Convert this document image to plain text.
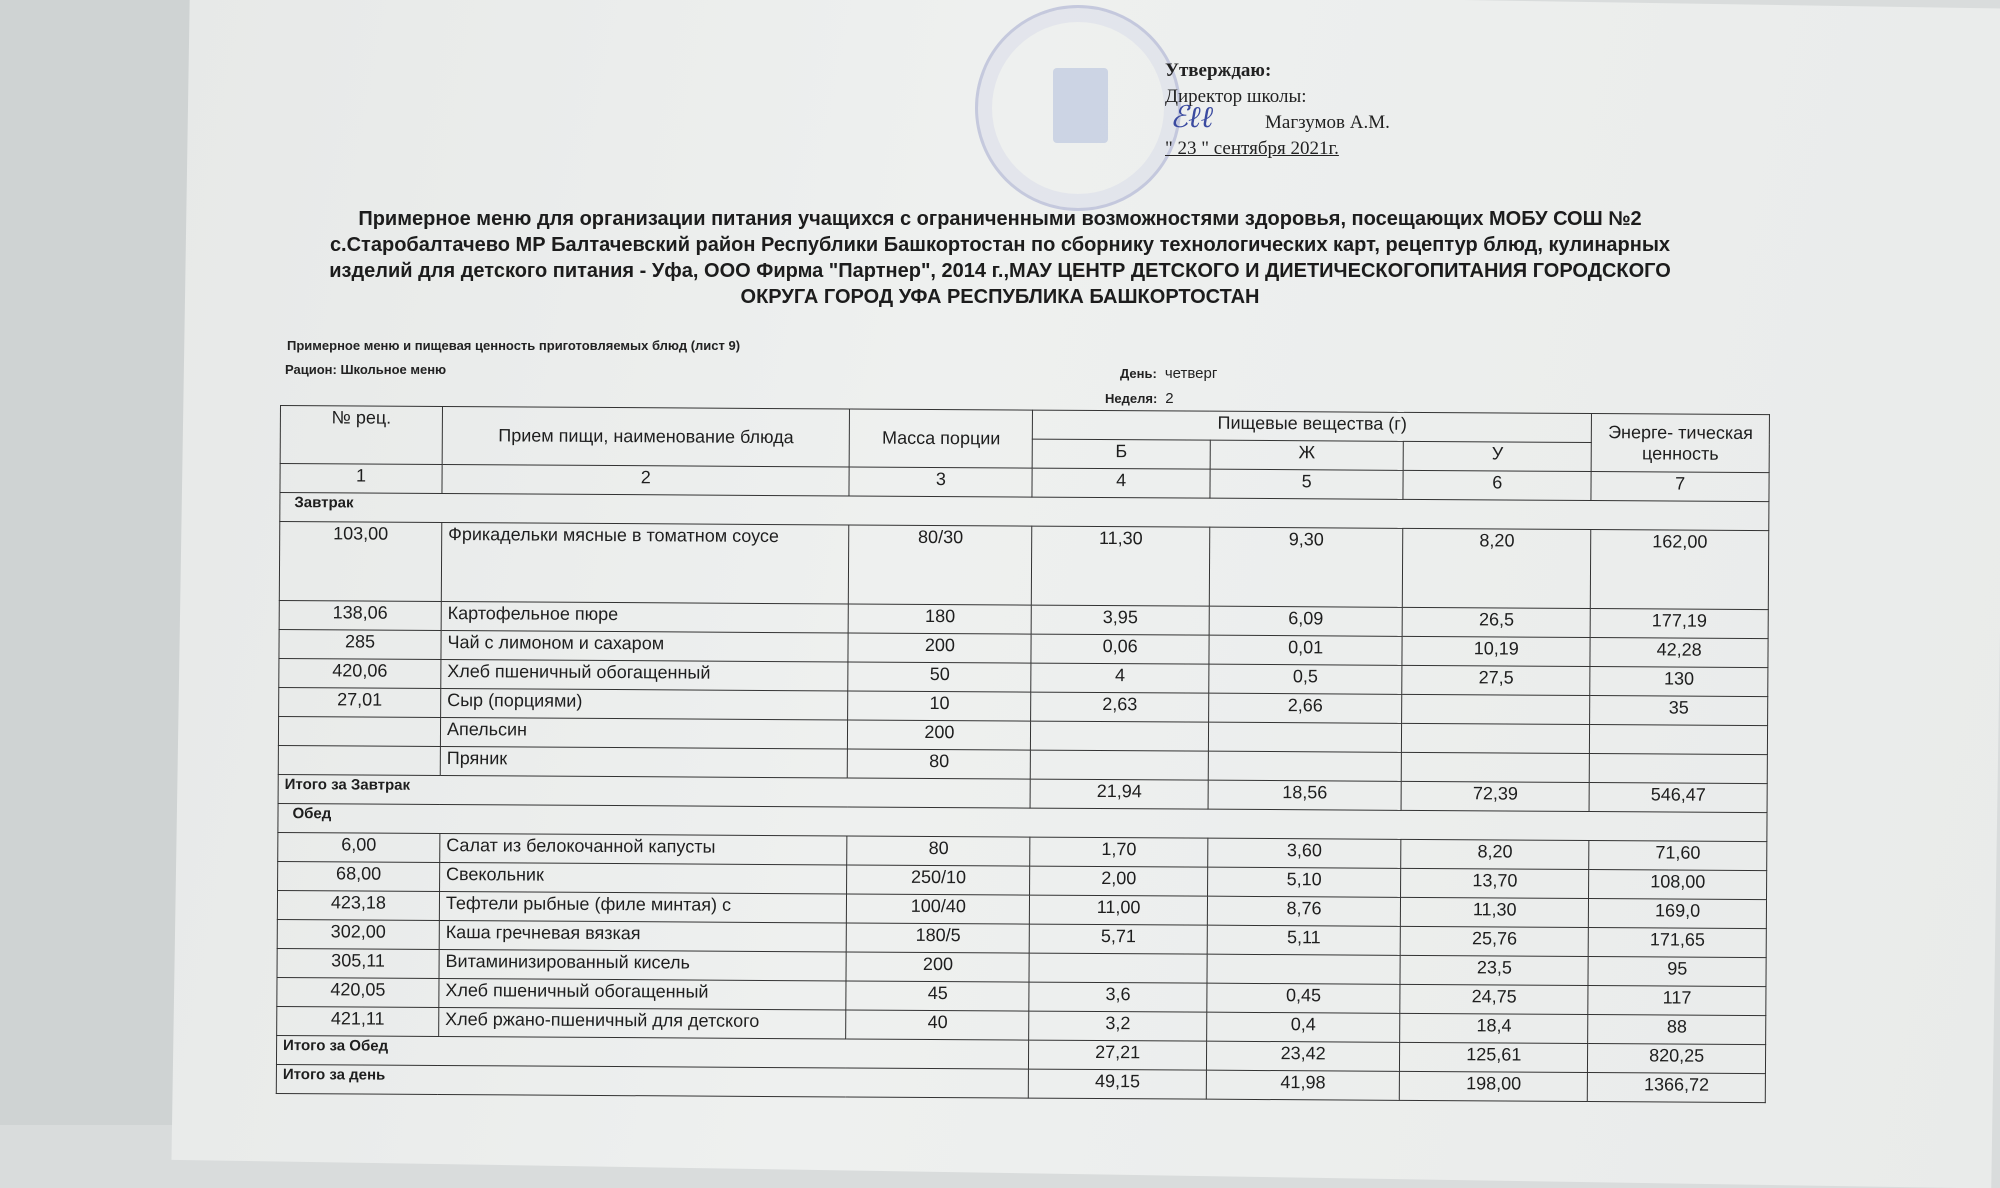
Утверждаю:
Директор школы:
Магзумов А.М.
" 23 " сентября 2021г.
ℰℓℓ
Примерное меню для организации питания учащихся с ограниченными возможностями здоровья, посещающих МОБУ СОШ №2 с.Старобалтачево МР Балтачевский район Республики Башкортостан по сборнику технологических карт, рецептур блюд, кулинарных изделий для детского питания - Уфа, ООО Фирма "Партнер", 2014 г.,МАУ ЦЕНТР ДЕТСКОГО И ДИЕТИЧЕСКОГОПИТАНИЯ ГОРОДСКОГО ОКРУГА ГОРОД УФА РЕСПУБЛИКА БАШКОРТОСТАН
Примерное меню и пищевая ценность приготовляемых блюд (лист 9)
Рацион: Школьное меню	День: четверг
Неделя: 2
№ рец.	Прием пищи, наименование блюда	Масса порции	Пищевые вещества (г)			Энерге- тическая ценность
			Б	Ж	У	
1	2	3	4	5	6	7
Завтрак						
103,00	Фрикадельки мясные в томатном соусе	80/30	11,30	9,30	8,20	162,00
138,06	Картофельное пюре	180	3,95	6,09	26,5	177,19
285	Чай с лимоном и сахаром	200	0,06	0,01	10,19	42,28
420,06	Хлеб пшеничный обогащенный	50	4	0,5	27,5	130
27,01	Сыр (порциями)	10	2,63	2,66		35
	Апельсин	200				
	Пряник	80				
Итого за Завтрак			21,94	18,56	72,39	546,47
Обед						
6,00	Салат из белокочанной капусты	80	1,70	3,60	8,20	71,60
68,00	Свекольник	250/10	2,00	5,10	13,70	108,00
423,18	Тефтели рыбные (филе минтая) с	100/40	11,00	8,76	11,30	169,0
302,00	Каша гречневая вязкая	180/5	5,71	5,11	25,76	171,65
305,11	Витаминизированный кисель	200			23,5	95
420,05	Хлеб пшеничный обогащенный	45	3,6	0,45	24,75	117
421,11	Хлеб ржано-пшеничный для детского	40	3,2	0,4	18,4	88
Итого за Обед			27,21	23,42	125,61	820,25
Итого за день			49,15	41,98	198,00	1366,72
